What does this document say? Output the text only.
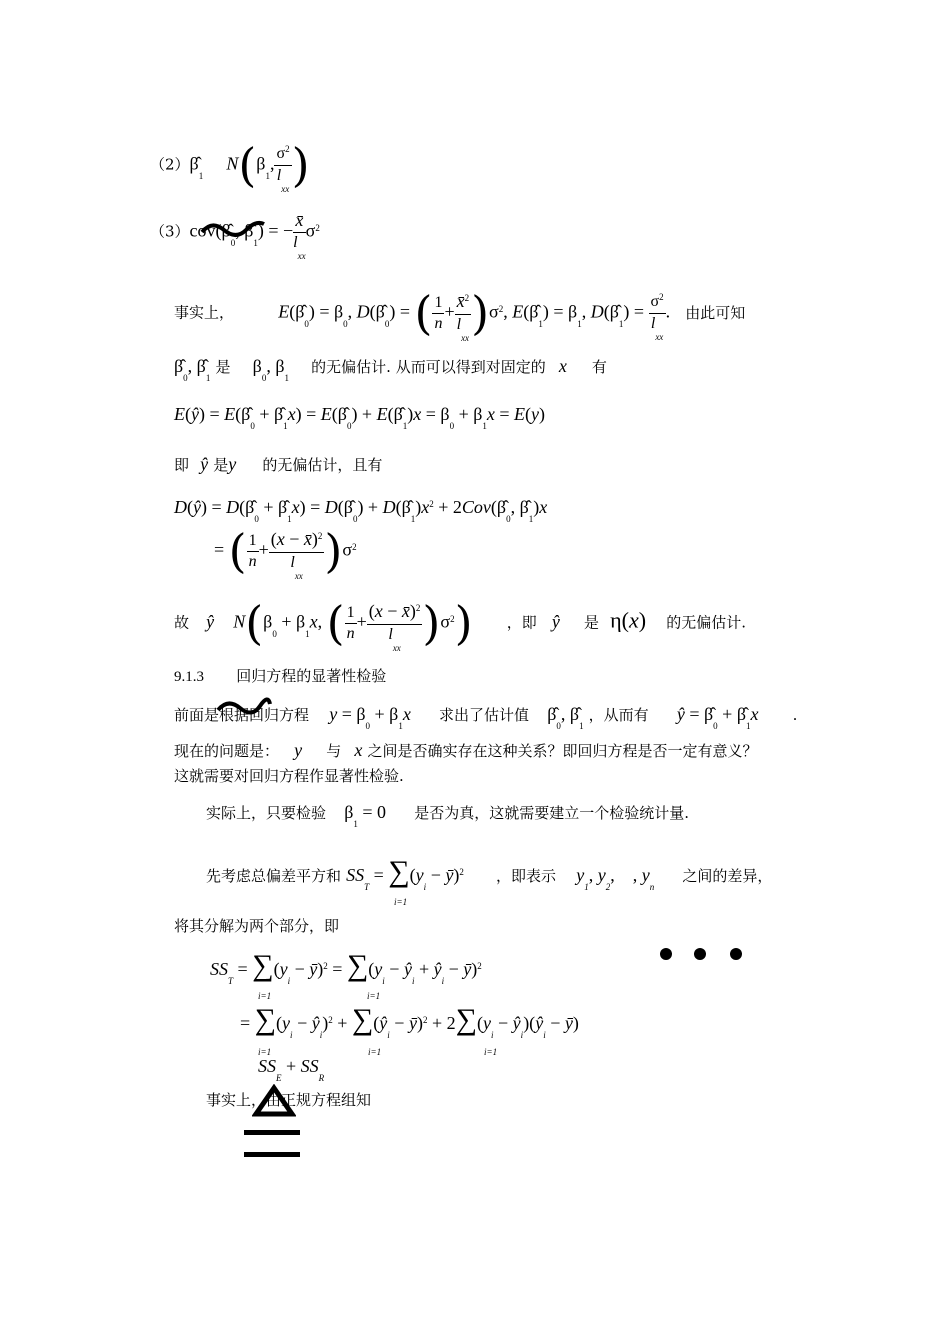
$(2)\betâ_1$ $N(\beta_1$, $\frac{\sigma^2}{l_{xx}}$ )
$(3)cov(\betâ_0$, $\betâ_1$) = − $\frac{x̄}{l_{xx}} \sigma^2$
事实上， $E(\betâ_0) = \beta_0$, $D(\betâ_0)$ = ( $\frac{1}{n} + \frac{x̄^2}{l_{xx}} )\sigma^2$, $E(\betâ_1) = \beta_1$, $D(\betâ_1) = \frac{\sigma^2}{l_{xx}}$ . 由此可知
$\betâ_0$, $\betâ_1$ 是 $\beta_0$, $\beta_1$  的无偏估计. 从而可以得到对固定的 x 有
E(ŷ) = $E(\betâ_0$ + $\betâ_1x$) = $E(\betâ_0)$ + $E(\betâ_1)x = \beta_0 + \beta_1x = E(y)$
即 ŷ 是y 的无偏估计，且有
D(ŷ) = $D(\betâ_0$ + $\betâ_1x$) = $D(\betâ_0)$ + $D(\betâ_1)x^2$ + $2Cov(\betâ_0$, $\betâ_1)x$
= ( $\frac{1}{n} + \frac{(x - x̄)^2}{l_{xx}} )\sigma^2$
故 ŷ $N(\beta_0 + \beta_1x$, ( $\frac{1}{n} + \frac{(x - x̄)^2}{l_{xx}} )\sigma^2$) ，即 ŷ 是 η(x) 的无偏估计.
9.1.3 回归方程的显著性检验
前面是根据回归方程 $y = \beta_0 + \beta_1x$ 求出了估计值 $\betâ_0$, $\betâ_1$ ，从而有 ŷ = $\betâ_0$ + $\betâ_1x$ .
现在的问题是： y 与 x 之间是否确实存在这种关系？即回归方程是否一定有意义？
这就需要对回归方程作显著性检验.
实际上，只要检验 $\beta_1 = 0$ 是否为真，这就需要建立一个检验统计量.
先考虑总偏差平方和 $SS_T = \sum(y_i$ − ȳ)$^2$ ，即表示 $y_1$, $y_2$,    , $y_n$  之间的差异，
i=1
将其分解为两个部分，即
$SS_T = \sum(y_i$ − ȳ)$^2$ = $\sum(y_i$ − $ŷ_i$ + $ŷ_i$ − ȳ)$^2$
i=1	i=1
= $\sum(y_i$ − $ŷ_i)^2$ + $\sum(ŷ_i$ − ȳ)$^2$ + $2\sum(y_i$ − $ŷ_i)(ŷ_i$ − ȳ)
i=1	i=1	i=1
$SS_E + SS_R$
事实上，由正规方程组知
